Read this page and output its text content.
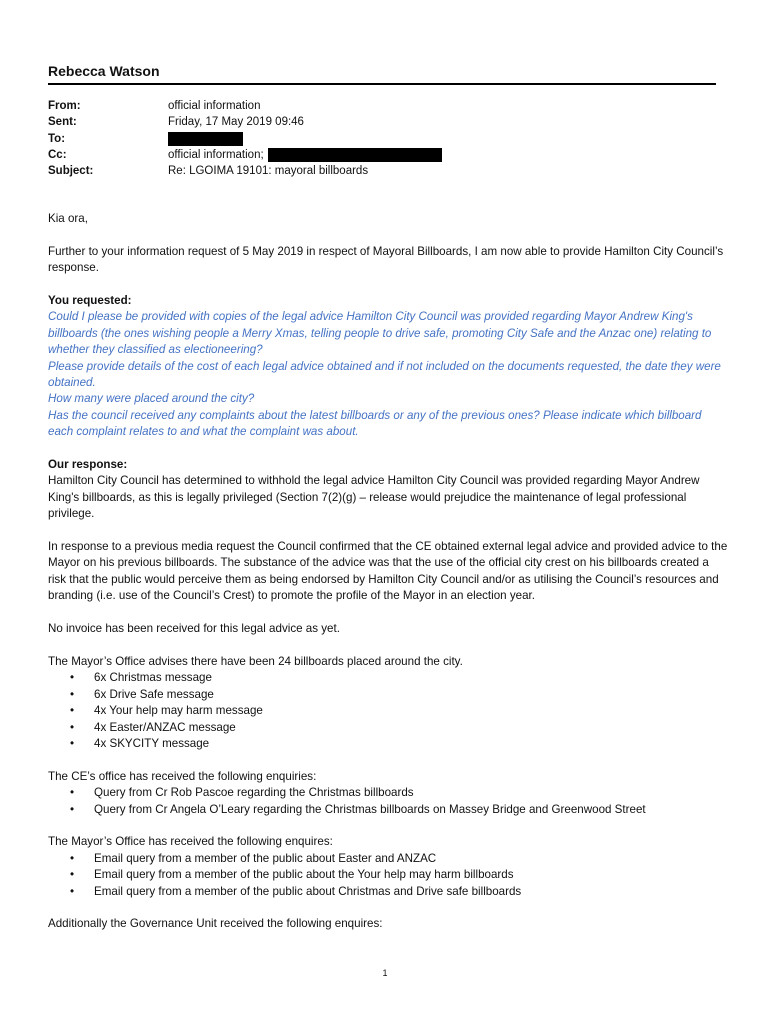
Rebecca Watson
From:	official information
Sent:	Friday, 17 May 2019 09:46
To:
Cc:	official information;
Subject:	Re: LGOIMA 19101: mayoral billboards

Kia ora,

Further to your information request of 5 May 2019 in respect of Mayoral Billboards, I am now able to provide Hamilton City Council’s response.

You requested:
Could I please be provided with copies of the legal advice Hamilton City Council was provided regarding Mayor Andrew King's billboards (the ones wishing people a Merry Xmas, telling people to drive safe, promoting City Safe and the Anzac one) relating to whether they classified as electioneering?
Please provide details of the cost of each legal advice obtained and if not included on the documents requested, the date they were obtained.
How many were placed around the city?

Has the council received any complaints about the latest billboards or any of the previous ones? Please indicate which billboard each complaint relates to and what the complaint was about.

Our response:

Hamilton City Council has determined to withhold the legal advice Hamilton City Council was provided regarding Mayor Andrew King's billboards, as this is legally privileged (Section 7(2)(g) – release would prejudice the maintenance of legal professional privilege.

In response to a previous media request the Council confirmed that the CE obtained external legal advice and provided advice to the Mayor on his previous billboards. The substance of the advice was that the use of the official city crest on his billboards created a risk that the public would perceive them as being endorsed by Hamilton City Council and/or as utilising the Council’s resources and branding (i.e. use of the Council’s Crest) to promote the profile of the Mayor in an election year.

No invoice has been received for this legal advice as yet.

The Mayor’s Office advises there have been 24 billboards placed around the city.
• 6x Christmas message
• 6x Drive Safe message
• 4x Your help may harm message
• 4x Easter/ANZAC message
• 4x SKYCITY message
The CE’s office has received the following enquiries:
• Query from Cr Rob Pascoe regarding the Christmas billboards
• Query from Cr Angela O’Leary regarding the Christmas billboards on Massey Bridge and Greenwood Street
The Mayor’s Office has received the following enquires:
• Email query from a member of the public about Easter and ANZAC
• Email query from a member of the public about the Your help may harm billboards
• Email query from a member of the public about Christmas and Drive safe billboards
Additionally the Governance Unit received the following enquires:
1
